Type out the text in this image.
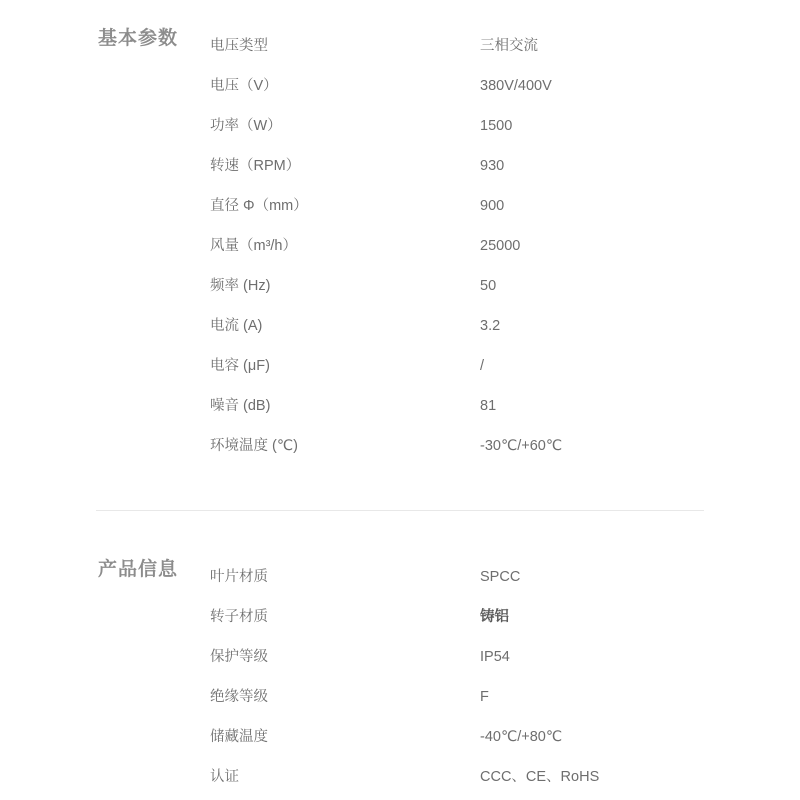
基本参数	电压类型	三相交流
电压（V）	380V/400V
功率（W）	1500
转速（RPM）	930
直径 Φ（mm）	900
风量（m³/h）	25000
频率 (Hz)	50
电流 (A)	3.2
电容 (μF)	/
噪音 (dB)	81
环境温度 (℃)	-30℃/+60℃
产品信息	叶片材质	SPCC
转子材质	铸铝
保护等级	IP54
绝缘等级	F
储藏温度	-40℃/+80℃
认证	CCC、CE、RoHS
